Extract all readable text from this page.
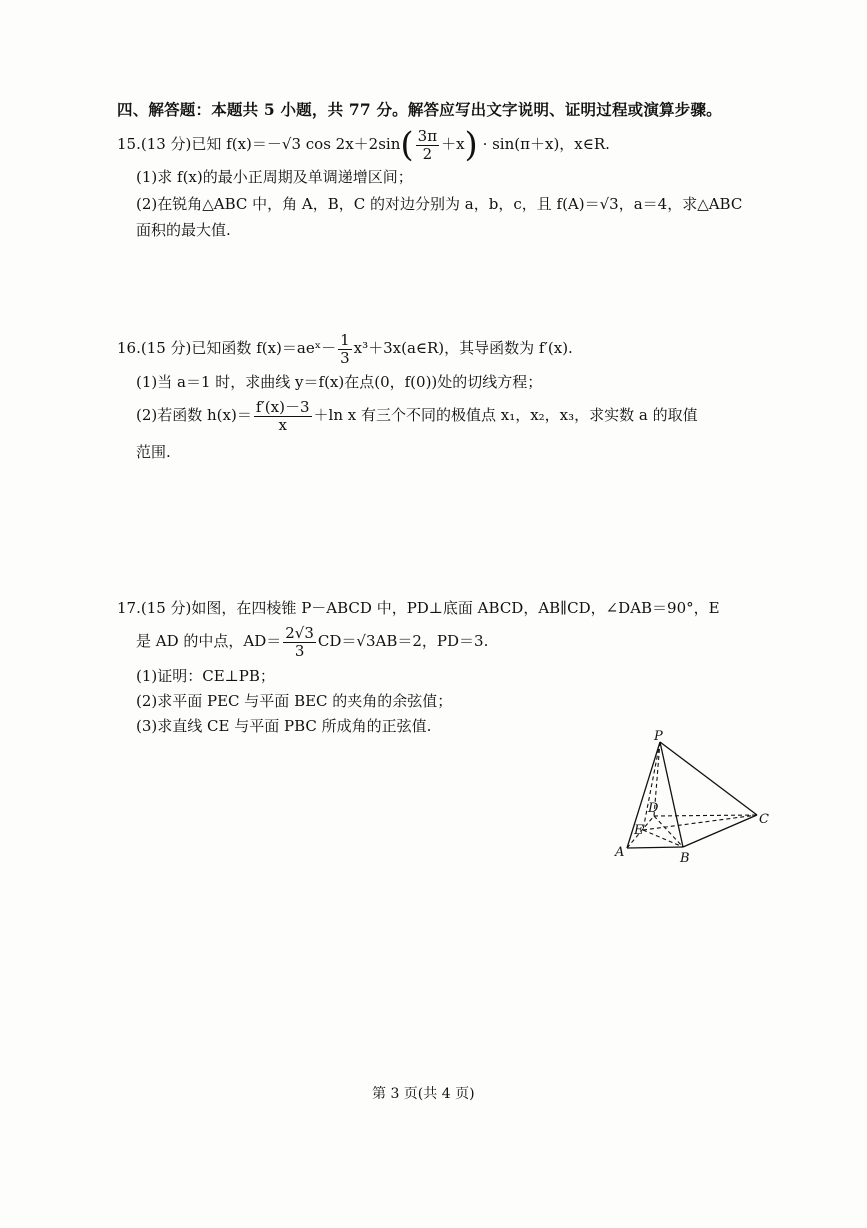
四、解答题：本题共 5 小题，共 77 分。解答应写出文字说明、证明过程或演算步骤。
15.(13 分)已知 f(x)＝－√3 $\cos 2x+2\sin( \frac{3\pi}{2} +x) \cdot \sin(\pi+x)$，x∈R.
(1)求 f(x)的最小正周期及单调递增区间；
(2)在锐角△ABC 中，角 A，B，C 的对边分别为 a，b，c，且 f(A)＝√3，a＝4，求△ABC
面积的最大值.
16.(15 分)已知函数 f(x)＝aeˣ－ $\frac{1}{3}$ x³＋3x(a∈R)，其导函数为 f′(x).
(1)当 a＝1 时，求曲线 y＝f(x)在点(0，f(0))处的切线方程；
(2)若函数 $h(x)= \frac{f'(x)-3}{x} +\ln$ x 有三个不同的极值点 x₁，x₂，x₃，求实数 a 的取值
范围.
17.(15 分)如图，在四棱锥 P－ABCD 中，PD⊥底面 ABCD，AB∥CD，∠DAB＝90°，E
是 AD 的中点，$AD= \frac{2√3}{3} CD=√3AB=2$，PD＝3.
(1)证明：CE⊥PB；
(2)求平面 PEC 与平面 BEC 的夹角的余弦值；
(3)求直线 CE 与平面 PBC 所成角的正弦值.
P
D
E
A	B
C
第 3 页(共 4 页)
